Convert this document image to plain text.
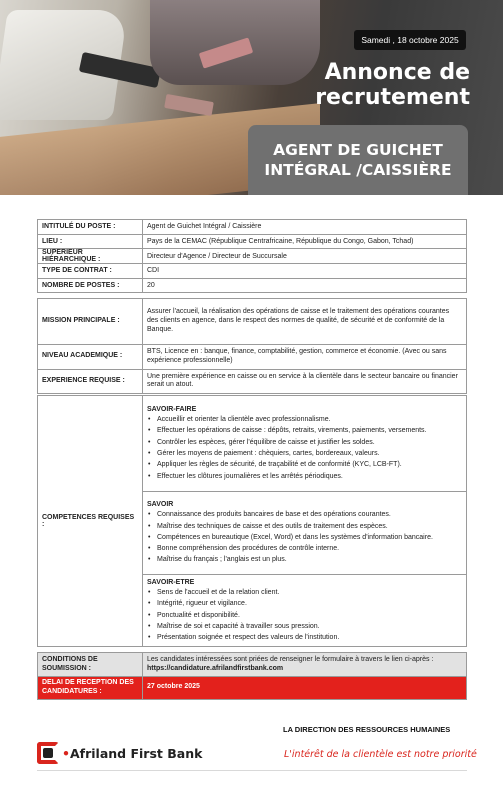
Samedi , 18 octobre 2025
Annonce de
recrutement
AGENT DE GUICHET
INTÉGRAL /CAISSIÈRE
INTITULÉ DU POSTE :	Agent de Guichet Intégral / Caissière
LIEU :	Pays de la CEMAC (République Centrafricaine, République du Congo, Gabon, Tchad)
SUPERIEUR HIÉRARCHIQUE :	Directeur d'Agence / Directeur de Succursale
TYPE DE CONTRAT :	CDI
NOMBRE DE POSTES :	20
MISSION PRINCIPALE :	Assurer l'accueil, la réalisation des opérations de caisse et le traitement des opérations courantes des clients en agence, dans le respect des normes de qualité, de sécurité et de conformité de la Banque.
NIVEAU ACADEMIQUE :	BTS, Licence en : banque, finance, comptabilité, gestion, commerce et économie. (Avec ou sans expérience professionnelle)
EXPERIENCE REQUISE :	Une première expérience en caisse ou en service à la clientèle dans le secteur bancaire ou financier serait un atout.
COMPETENCES REQUISES :	
SAVOIR-FAIRE
• Accueillir et orienter la clientèle avec professionnalisme.
• Effectuer les opérations de caisse : dépôts, retraits, virements, paiements, versements.
• Contrôler les espèces, gérer l'équilibre de caisse et justifier les soldes.
• Gérer les moyens de paiement : chèquiers, cartes, bordereaux, valeurs.
• Appliquer les règles de sécurité, de traçabilité et de conformité (KYC, LCB-FT).
• Effectuer les clôtures journalières et les arrêtés périodiques.

SAVOIR
• Connaissance des produits bancaires de base et des opérations courantes.
• Maîtrise des techniques de caisse et des outils de traitement des espèces.
• Compétences en bureautique (Excel, Word) et dans les systèmes d'information bancaire.
• Bonne compréhension des procédures de contrôle interne.
• Maîtrise du français ; l'anglais est un plus.

SAVOIR-ETRE
• Sens de l'accueil et de la relation client.
• Intégrité, rigueur et vigilance.
• Ponctualité et disponibilité.
• Maîtrise de soi et capacité à travailler sous pression.
• Présentation soignée et respect des valeurs de l'institution.
CONDITIONS DE SOUMISSION :	Les candidates intéressées sont priées de renseigner le formulaire à travers le lien ci-après :
https://candidature.afrilandfirstbank.com

DELAI DE RECEPTION DES CANDIDATURES :	27 octobre 2025
LA DIRECTION DES RESSOURCES HUMAINES
•Afriland First Bank	L'intérêt de la clientèle est notre priorité
